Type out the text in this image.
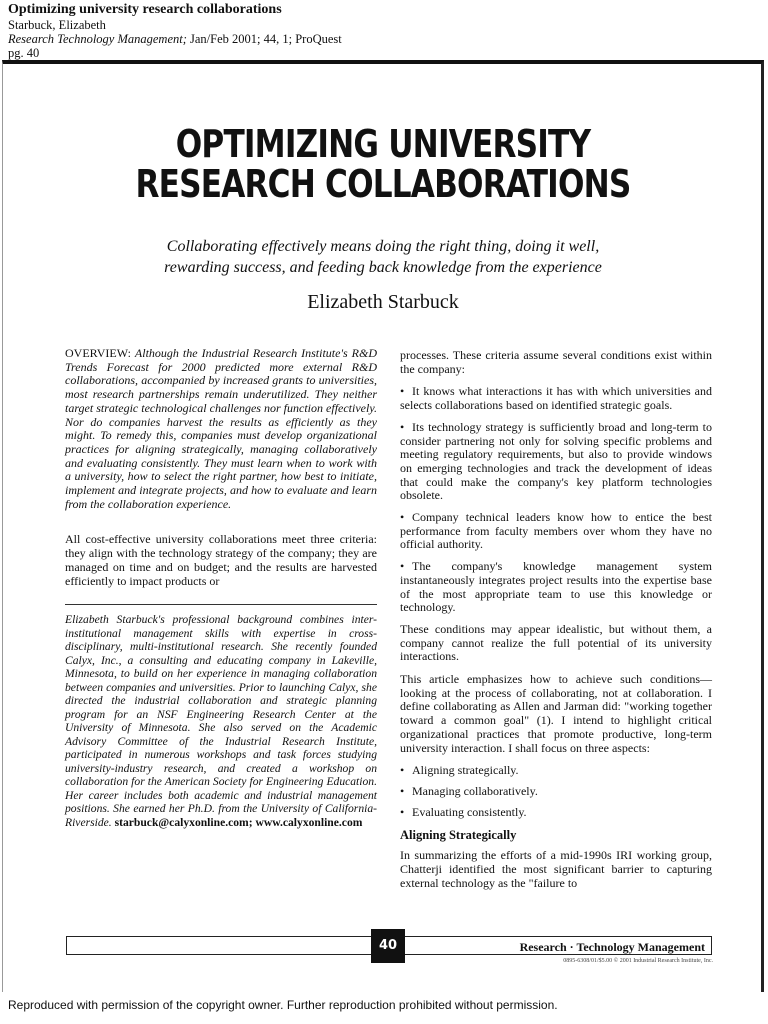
Optimizing university research collaborations
Starbuck, Elizabeth
Research Technology Management; Jan/Feb 2001; 44, 1; ProQuest
pg. 40
OPTIMIZING UNIVERSITY
RESEARCH COLLABORATIONS
Collaborating effectively means doing the right thing, doing it well,
rewarding success, and feeding back knowledge from the experience
Elizabeth Starbuck

OVERVIEW: Although the Industrial Research Institute's R&D Trends Forecast for 2000 predicted more external R&D collaborations, accompanied by increased grants to universities, most research partnerships remain underutilized. They neither target strategic technological challenges nor function effectively. Nor do companies harvest the results as efficiently as they might. To remedy this, companies must develop organizational practices for aligning strategically, managing collaboratively and evaluating consistently. They must learn when to work with a university, how to select the right partner, how best to initiate, implement and integrate projects, and how to evaluate and learn from the collaboration experience.

All cost-effective university collaborations meet three criteria: they align with the technology strategy of the company; they are managed on time and on budget; and the results are harvested efficiently to impact products or

Elizabeth Starbuck's professional background combines inter-institutional management skills with expertise in cross-disciplinary, multi-institutional research. She recently founded Calyx, Inc., a consulting and educating company in Lakeville, Minnesota, to build on her experience in managing collaboration between companies and universities. Prior to launching Calyx, she directed the industrial collaboration and strategic planning program for an NSF Engineering Research Center at the University of Minnesota. She also served on the Academic Advisory Committee of the Industrial Research Institute, participated in numerous workshops and task forces studying university-industry research, and created a workshop on collaboration for the American Society for Engineering Education. Her career includes both academic and industrial management positions. She earned her Ph.D. from the University of California-Riverside. starbuck@calyxonline.com; www.calyxonline.com

processes. These criteria assume several conditions exist within the company:

• It knows what interactions it has with which universities and selects collaborations based on identified strategic goals.
• Its technology strategy is sufficiently broad and long-term to consider partnering not only for solving specific problems and meeting regulatory requirements, but also to provide windows on emerging technologies and track the development of ideas that could make the company's key platform technologies obsolete.
• Company technical leaders know how to entice the best performance from faculty members over whom they have no official authority.
• The company's knowledge management system instantaneously integrates project results into the expertise base of the most appropriate team to use this knowledge or technology.

These conditions may appear idealistic, but without them, a company cannot realize the full potential of its university interactions.

This article emphasizes how to achieve such conditions—looking at the process of collaborating, not at collaboration. I define collaborating as Allen and Jarman did: "working together toward a common goal" (1). I intend to highlight critical organizational practices that promote productive, long-term university interaction. I shall focus on three aspects:

• Aligning strategically.
• Managing collaboratively.
• Evaluating consistently.
Aligning Strategically

In summarizing the efforts of a mid-1990s IRI working group, Chatterji identified the most significant barrier to capturing external technology as the "failure to

40	Research · Technology Management
0895-6308/01/$5.00 © 2001 Industrial Research Institute, Inc.
Reproduced with permission of the copyright owner. Further reproduction prohibited without permission.
